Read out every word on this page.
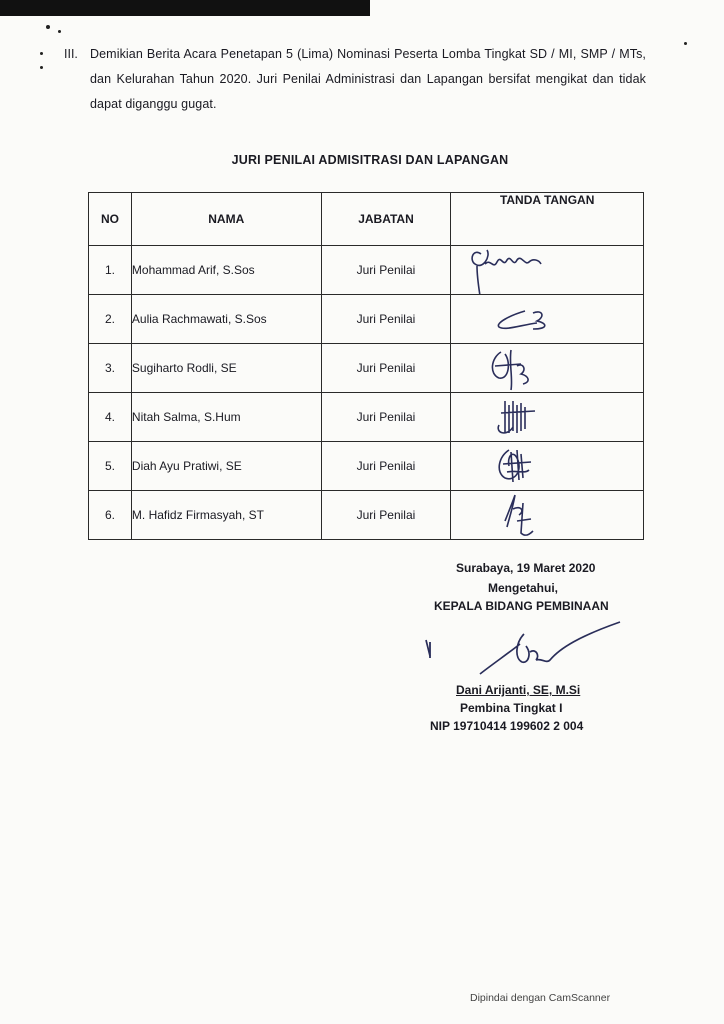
III. Demikian Berita Acara Penetapan 5 (Lima) Nominasi Peserta Lomba Tingkat SD / MI, SMP / MTs, dan Kelurahan Tahun 2020. Juri Penilai Administrasi dan Lapangan bersifat mengikat dan tidak dapat diganggu gugat.
JURI PENILAI ADMISITRASI DAN LAPANGAN
NO	NAMA	JABATAN	TANDA TANGAN
1.	Mohammad Arif, S.Sos	Juri Penilai	

2.	Aulia Rachmawati, S.Sos	Juri Penilai	

3.	Sugiharto Rodli, SE	Juri Penilai	

4.	Nitah Salma, S.Hum	Juri Penilai	

5.	Diah Ayu Pratiwi, SE	Juri Penilai	

6.	M. Hafidz Firmasyah, ST	Juri Penilai	
Surabaya, 19 Maret 2020
Mengetahui,
KEPALA BIDANG PEMBINAAN
Dani Arijanti, SE, M.Si
Pembina Tingkat I
NIP 19710414 199602 2 004
Dipindai dengan CamScanner
